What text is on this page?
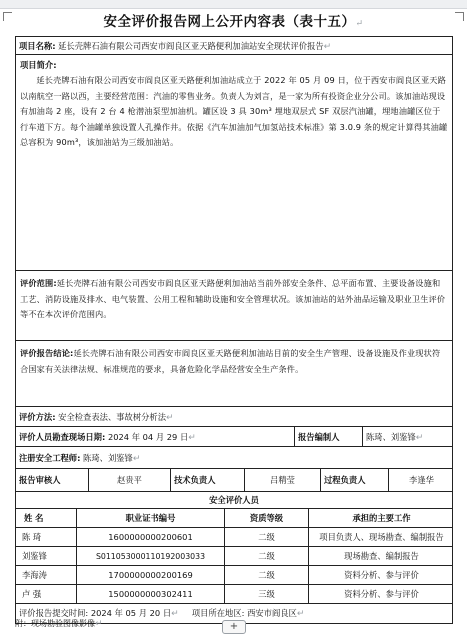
安全评价报告网上公开内容表（表十五）↵
项目名称: 延长壳牌石油有限公司西安市阎良区亚天路便利加油站安全现状评价报告↵
项目简介:

延长壳牌石油有限公司西安市阎良区亚天路便利加油站成立于 2022 年 05 月 09 日，位于西安市阎良区亚天路以南航空一路以西，主要经营范围：汽油的零售业务。负责人为刘言，是一家为所有投资企业分公司。该加油站现设有加油岛 2 座，设有 2 台 4 枪潜油泵型加油机。罐区设 3 具 30m³ 埋地双层式 SF 双层汽油罐，埋地油罐区位于行车道下方。每个油罐单独设置人孔操作井。依据《汽车加油加气加氢站技术标准》第 3.0.9 条的规定计算得其油罐总容积为 90m³，该加油站为三级加油站。

评价范围:延长壳牌石油有限公司西安市阎良区亚天路便利加油站当前外部安全条件、总平面布置、主要设备设施和工艺、消防设施及排水、电气装置、公用工程和辅助设施和安全管理状况。该加油站的站外油品运输及职业卫生评价等不在本次评价范围内。

评价报告结论:延长壳牌石油有限公司西安市阎良区亚天路便利加油站目前的安全生产管理、设备设施及作业现状符合国家有关法律法规、标准规范的要求，具备危险化学品经营安全生产条件。

评价方法: 安全检查表法、事故树分析法↵
评价人员勘查现场日期: 2024 年 04 月 29 日↵	报告编制人	陈琦、刘鉴锋↵
注册安全工程师: 陈琦、刘鉴锋↵
报告审核人	赵贵平	技术负责人	吕精莹	过程负责人	李逢华
安全评价人员
姓 名	职业证书编号	资质等级	承担的主要工作
陈 琦	1600000000200601	二级	项目负责人、现场勘查、编制报告
刘鉴锋	S011053000110192003033	二级	现场勘查、编制报告
李海涛	1700000000200169	二级	资料分析、参与评价
卢 强	1500000000302411	三级	资料分析、参与评价
评价报告提交时间: 2024 年 05 月 20 日↵ 项目所在地区: 西安市阎良区↵
附：现场勘验图像影像↵	+
